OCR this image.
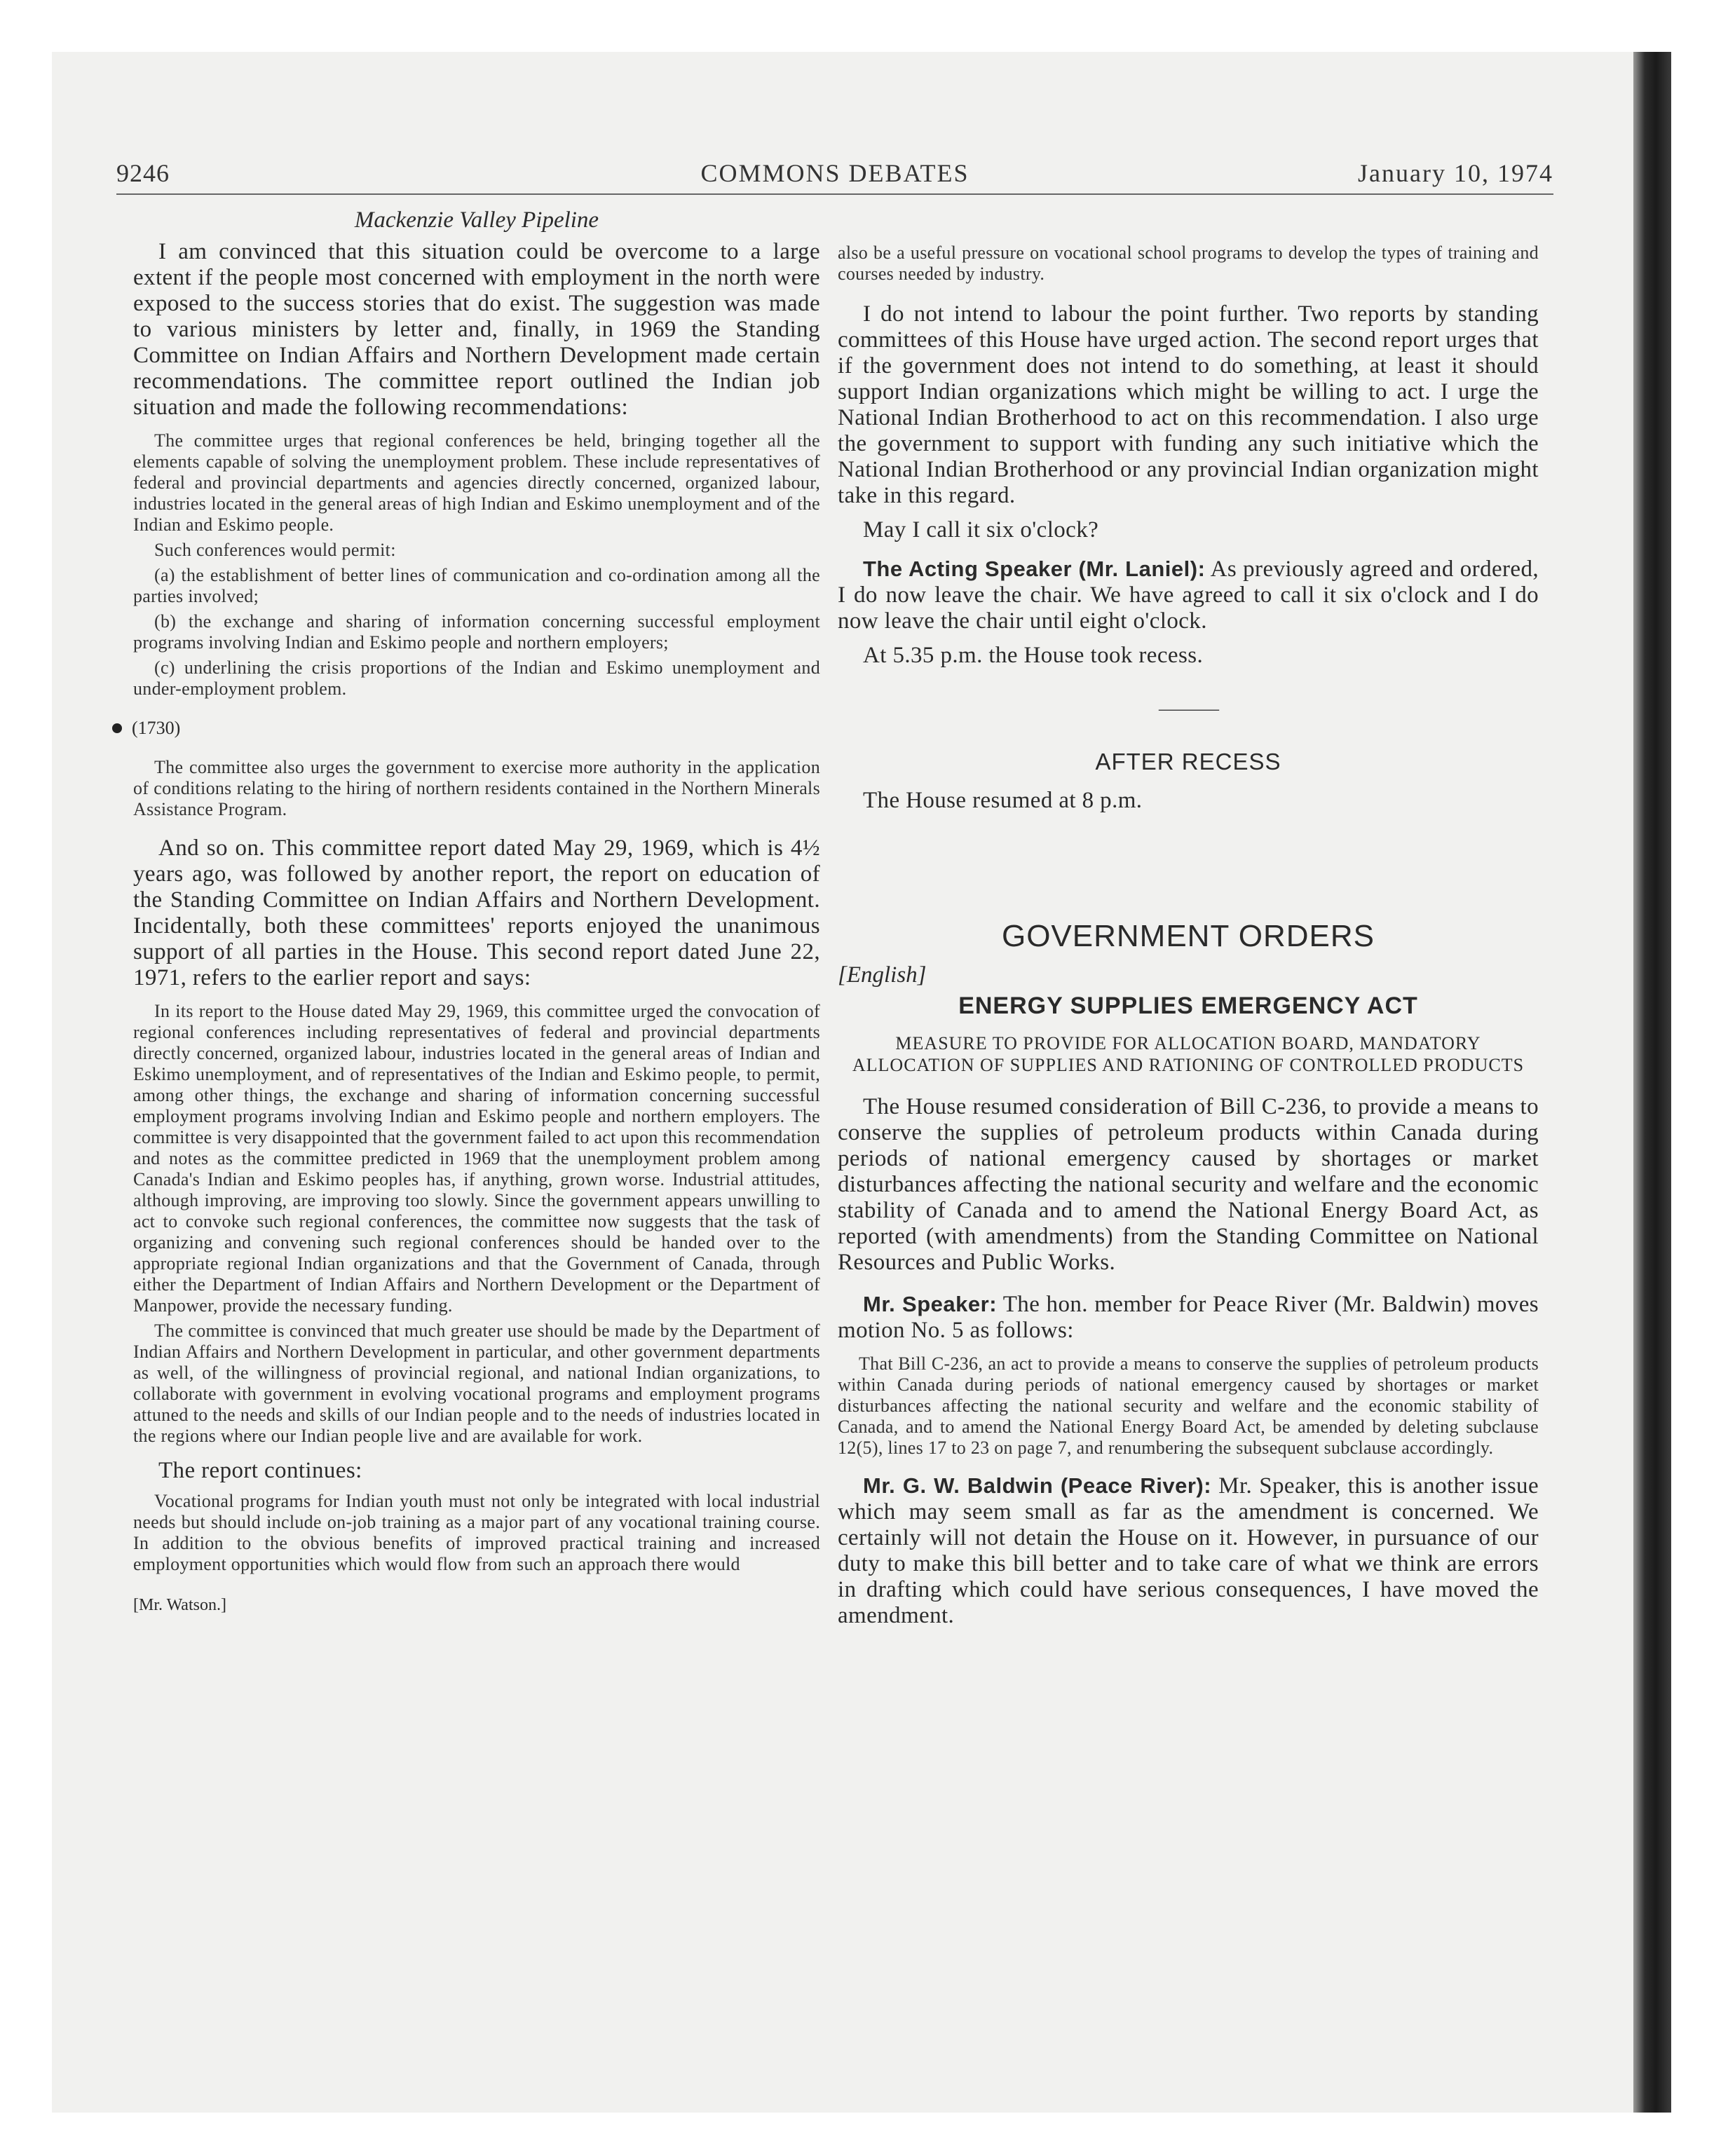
9246	COMMONS DEBATES	January 10, 1974

Mackenzie Valley Pipeline

I am convinced that this situation could be overcome to a large extent if the people most concerned with employment in the north were exposed to the success stories that do exist. The suggestion was made to various ministers by letter and, finally, in 1969 the Standing Committee on Indian Affairs and Northern Development made certain recommendations. The committee report outlined the Indian job situation and made the following recommendations:

The committee urges that regional conferences be held, bringing together all the elements capable of solving the unemployment problem. These include representatives of federal and provincial departments and agencies directly concerned, organized labour, industries located in the general areas of high Indian and Eskimo unemployment and of the Indian and Eskimo people.

Such conferences would permit:

(a) the establishment of better lines of communication and co-ordination among all the parties involved;

(b) the exchange and sharing of information concerning successful employment programs involving Indian and Eskimo people and northern employers;

(c) underlining the crisis proportions of the Indian and Eskimo unemployment and under-employment problem.

(1730)

The committee also urges the government to exercise more authority in the application of conditions relating to the hiring of northern residents contained in the Northern Minerals Assistance Program.

And so on. This committee report dated May 29, 1969, which is 4½ years ago, was followed by another report, the report on education of the Standing Committee on Indian Affairs and Northern Development. Incidentally, both these committees' reports enjoyed the unanimous support of all parties in the House. This second report dated June 22, 1971, refers to the earlier report and says:

In its report to the House dated May 29, 1969, this committee urged the convocation of regional conferences including representatives of federal and provincial departments directly concerned, organized labour, industries located in the general areas of Indian and Eskimo unemployment, and of representatives of the Indian and Eskimo people, to permit, among other things, the exchange and sharing of information concerning successful employment programs involving Indian and Eskimo people and northern employers. The committee is very disappointed that the government failed to act upon this recommendation and notes as the committee predicted in 1969 that the unemployment problem among Canada's Indian and Eskimo peoples has, if anything, grown worse. Industrial attitudes, although improving, are improving too slowly. Since the government appears unwilling to act to convoke such regional conferences, the committee now suggests that the task of organizing and convening such regional conferences should be handed over to the appropriate regional Indian organizations and that the Government of Canada, through either the Department of Indian Affairs and Northern Development or the Department of Manpower, provide the necessary funding.

The committee is convinced that much greater use should be made by the Department of Indian Affairs and Northern Development in particular, and other government departments as well, of the willingness of provincial regional, and national Indian organizations, to collaborate with government in evolving vocational programs and employment programs attuned to the needs and skills of our Indian people and to the needs of industries located in the regions where our Indian people live and are available for work.

The report continues:

Vocational programs for Indian youth must not only be integrated with local industrial needs but should include on-job training as a major part of any vocational training course. In addition to the obvious benefits of improved practical training and increased employment opportunities which would flow from such an approach there would

[Mr. Watson.]

also be a useful pressure on vocational school programs to develop the types of training and courses needed by industry.

I do not intend to labour the point further. Two reports by standing committees of this House have urged action. The second report urges that if the government does not intend to do something, at least it should support Indian organizations which might be willing to act. I urge the National Indian Brotherhood to act on this recommendation. I also urge the government to support with funding any such initiative which the National Indian Brotherhood or any provincial Indian organization might take in this regard.

May I call it six o'clock?

The Acting Speaker (Mr. Laniel): As previously agreed and ordered, I do now leave the chair. We have agreed to call it six o'clock and I do now leave the chair until eight o'clock.

At 5.35 p.m. the House took recess.

———
AFTER RECESS

The House resumed at 8 p.m.

GOVERNMENT ORDERS

[English]

ENERGY SUPPLIES EMERGENCY ACT
MEASURE TO PROVIDE FOR ALLOCATION BOARD, MANDATORY ALLOCATION OF SUPPLIES AND RATIONING OF CONTROLLED PRODUCTS

The House resumed consideration of Bill C-236, to provide a means to conserve the supplies of petroleum products within Canada during periods of national emergency caused by shortages or market disturbances affecting the national security and welfare and the economic stability of Canada and to amend the National Energy Board Act, as reported (with amendments) from the Standing Committee on National Resources and Public Works.

Mr. Speaker: The hon. member for Peace River (Mr. Baldwin) moves motion No. 5 as follows:

That Bill C-236, an act to provide a means to conserve the supplies of petroleum products within Canada during periods of national emergency caused by shortages or market disturbances affecting the national security and welfare and the economic stability of Canada, and to amend the National Energy Board Act, be amended by deleting subclause 12(5), lines 17 to 23 on page 7, and renumbering the subsequent subclause accordingly.

Mr. G. W. Baldwin (Peace River): Mr. Speaker, this is another issue which may seem small as far as the amendment is concerned. We certainly will not detain the House on it. However, in pursuance of our duty to make this bill better and to take care of what we think are errors in drafting which could have serious consequences, I have moved the amendment.
